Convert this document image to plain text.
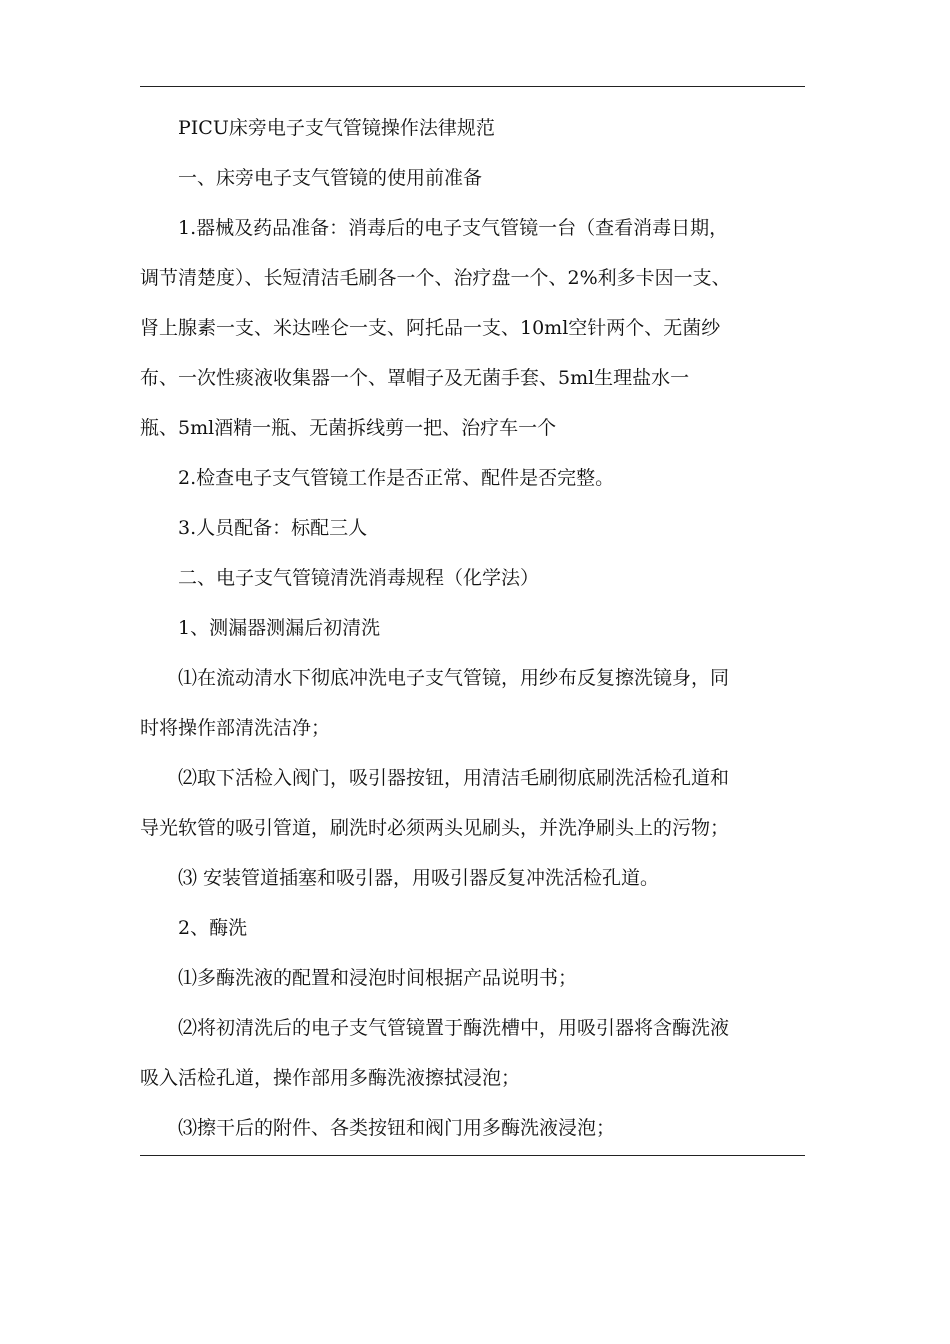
PICU床旁电子支气管镜操作法律规范
一、床旁电子支气管镜的使用前准备
1.器械及药品准备：消毒后的电子支气管镜一台（查看消毒日期，
调节清楚度）、长短清洁毛刷各一个、治疗盘一个、2%利多卡因一支、
肾上腺素一支、米达唑仑一支、阿托品一支、10ml空针两个、无菌纱
布、一次性痰液收集器一个、罩帽子及无菌手套、5ml生理盐水一
瓶、5ml酒精一瓶、无菌拆线剪一把、治疗车一个
2.检查电子支气管镜工作是否正常、配件是否完整。
3.人员配备：标配三人
二、电子支气管镜清洗消毒规程（化学法）
1、测漏器测漏后初清洗
⑴在流动清水下彻底冲洗电子支气管镜，用纱布反复擦洗镜身，同
时将操作部清洗洁净；
⑵取下活检入阀门，吸引器按钮，用清洁毛刷彻底刷洗活检孔道和
导光软管的吸引管道，刷洗时必须两头见刷头，并洗净刷头上的污物；
⑶ 安装管道插塞和吸引器，用吸引器反复冲洗活检孔道。
2、酶洗
⑴多酶洗液的配置和浸泡时间根据产品说明书；
⑵将初清洗后的电子支气管镜置于酶洗槽中，用吸引器将含酶洗液
吸入活检孔道，操作部用多酶洗液擦拭浸泡；
⑶擦干后的附件、各类按钮和阀门用多酶洗液浸泡；
